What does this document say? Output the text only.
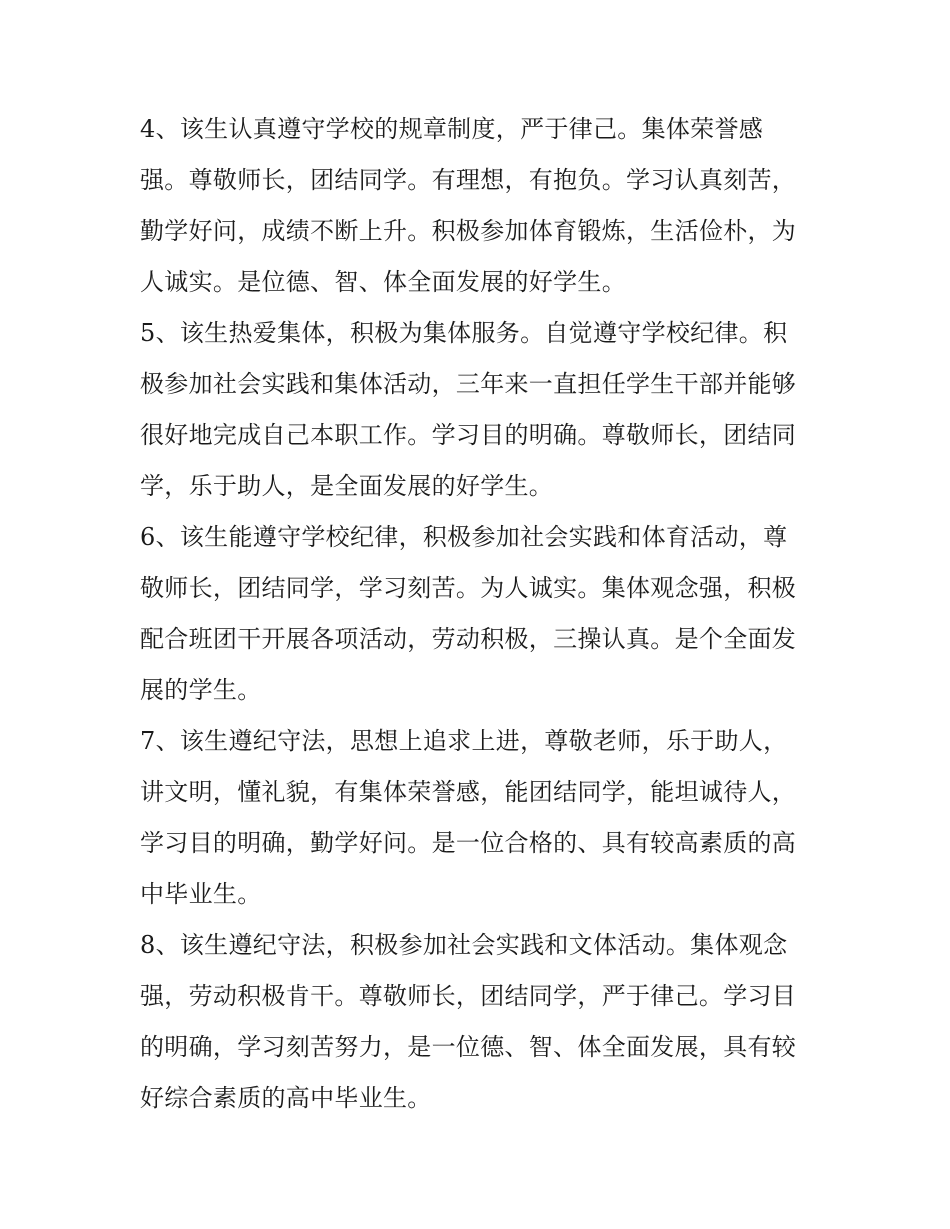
4、该生认真遵守学校的规章制度，严于律己。集体荣誉感
强。尊敬师长，团结同学。有理想，有抱负。学习认真刻苦，
勤学好问，成绩不断上升。积极参加体育锻炼，生活俭朴，为
人诚实。是位德、智、体全面发展的好学生。
5、该生热爱集体，积极为集体服务。自觉遵守学校纪律。积
极参加社会实践和集体活动，三年来一直担任学生干部并能够
很好地完成自己本职工作。学习目的明确。尊敬师长，团结同
学，乐于助人，是全面发展的好学生。
6、该生能遵守学校纪律，积极参加社会实践和体育活动，尊
敬师长，团结同学，学习刻苦。为人诚实。集体观念强，积极
配合班团干开展各项活动，劳动积极，三操认真。是个全面发
展的学生。
7、该生遵纪守法，思想上追求上进，尊敬老师，乐于助人，
讲文明，懂礼貌，有集体荣誉感，能团结同学，能坦诚待人，
学习目的明确，勤学好问。是一位合格的、具有较高素质的高
中毕业生。
8、该生遵纪守法，积极参加社会实践和文体活动。集体观念
强，劳动积极肯干。尊敬师长，团结同学，严于律己。学习目
的明确，学习刻苦努力，是一位德、智、体全面发展，具有较
好综合素质的高中毕业生。
